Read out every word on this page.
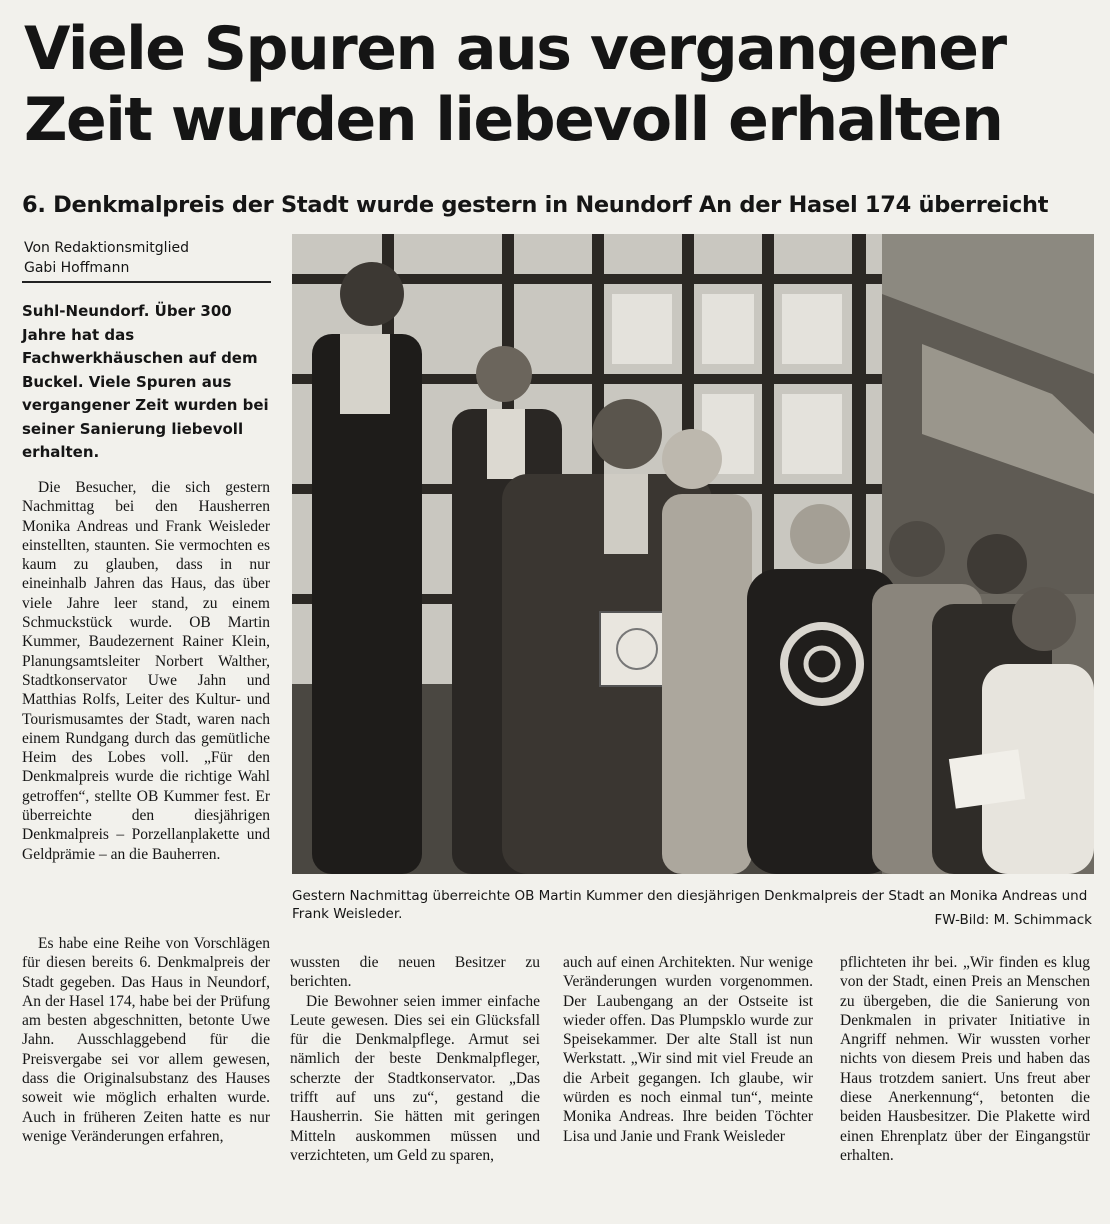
Viele Spuren aus vergangener Zeit wurden liebevoll erhalten
6. Denkmalpreis der Stadt wurde gestern in Neundorf An der Hasel 174 überreicht
Von Redaktionsmitglied
Gabi Hoffmann

Suhl-Neundorf. Über 300 Jahre hat das Fachwerkhäuschen auf dem Buckel. Viele Spuren aus vergangener Zeit wurden bei seiner Sanierung liebevoll erhalten.

Die Besucher, die sich gestern Nachmittag bei den Hausherren Monika Andreas und Frank Weisleder einstellten, staunten. Sie vermochten es kaum zu glauben, dass in nur eineinhalb Jahren das Haus, das über viele Jahre leer stand, zu einem Schmuckstück wurde. OB Martin Kummer, Baudezernent Rainer Klein, Planungsamtsleiter Norbert Walther, Stadtkonservator Uwe Jahn und Matthias Rolfs, Leiter des Kultur- und Tourismusamtes der Stadt, waren nach einem Rundgang durch das gemütliche Heim des Lobes voll. „Für den Denkmalpreis wurde die richtige Wahl getroffen“, stellte OB Kummer fest. Er überreichte den diesjährigen Denkmalpreis – Porzellanplakette und Geldprämie – an die Bauherren.

Es habe eine Reihe von Vorschlägen für diesen bereits 6. Denkmalpreis der Stadt gegeben. Das Haus in Neundorf, An der Hasel 174, habe bei der Prüfung am besten abgeschnitten, betonte Uwe Jahn. Ausschlaggebend für die Preisvergabe sei vor allem gewesen, dass die Originalsubstanz des Hauses soweit wie möglich erhalten wurde. Auch in früheren Zeiten hatte es nur wenige Veränderungen erfahren,

Gestern Nachmittag überreichte OB Martin Kummer den diesjährigen Denkmalpreis der Stadt an Monika Andreas und Frank Weisleder.	FW-Bild: M. Schimmack

wussten die neuen Besitzer zu berichten.

Die Bewohner seien immer einfache Leute gewesen. Dies sei ein Glücksfall für die Denkmalpflege. Armut sei nämlich der beste Denkmalpfleger, scherzte der Stadtkonservator. „Das trifft auf uns zu“, gestand die Hausherrin. Sie hätten mit geringen Mitteln auskommen müssen und verzichteten, um Geld zu sparen,

auch auf einen Architekten. Nur wenige Veränderungen wurden vorgenommen. Der Laubengang an der Ostseite ist wieder offen. Das Plumpsklo wurde zur Speisekammer. Der alte Stall ist nun Werkstatt. „Wir sind mit viel Freude an die Arbeit gegangen. Ich glaube, wir würden es noch einmal tun“, meinte Monika Andreas. Ihre beiden Töchter Lisa und Janie und Frank Weisleder

pflichteten ihr bei. „Wir finden es klug von der Stadt, einen Preis an Menschen zu übergeben, die die Sanierung von Denkmalen in privater Initiative in Angriff nehmen. Wir wussten vorher nichts von diesem Preis und haben das Haus trotzdem saniert. Uns freut aber diese Anerkennung“, betonten die beiden Hausbesitzer. Die Plakette wird einen Ehrenplatz über der Eingangstür erhalten.
